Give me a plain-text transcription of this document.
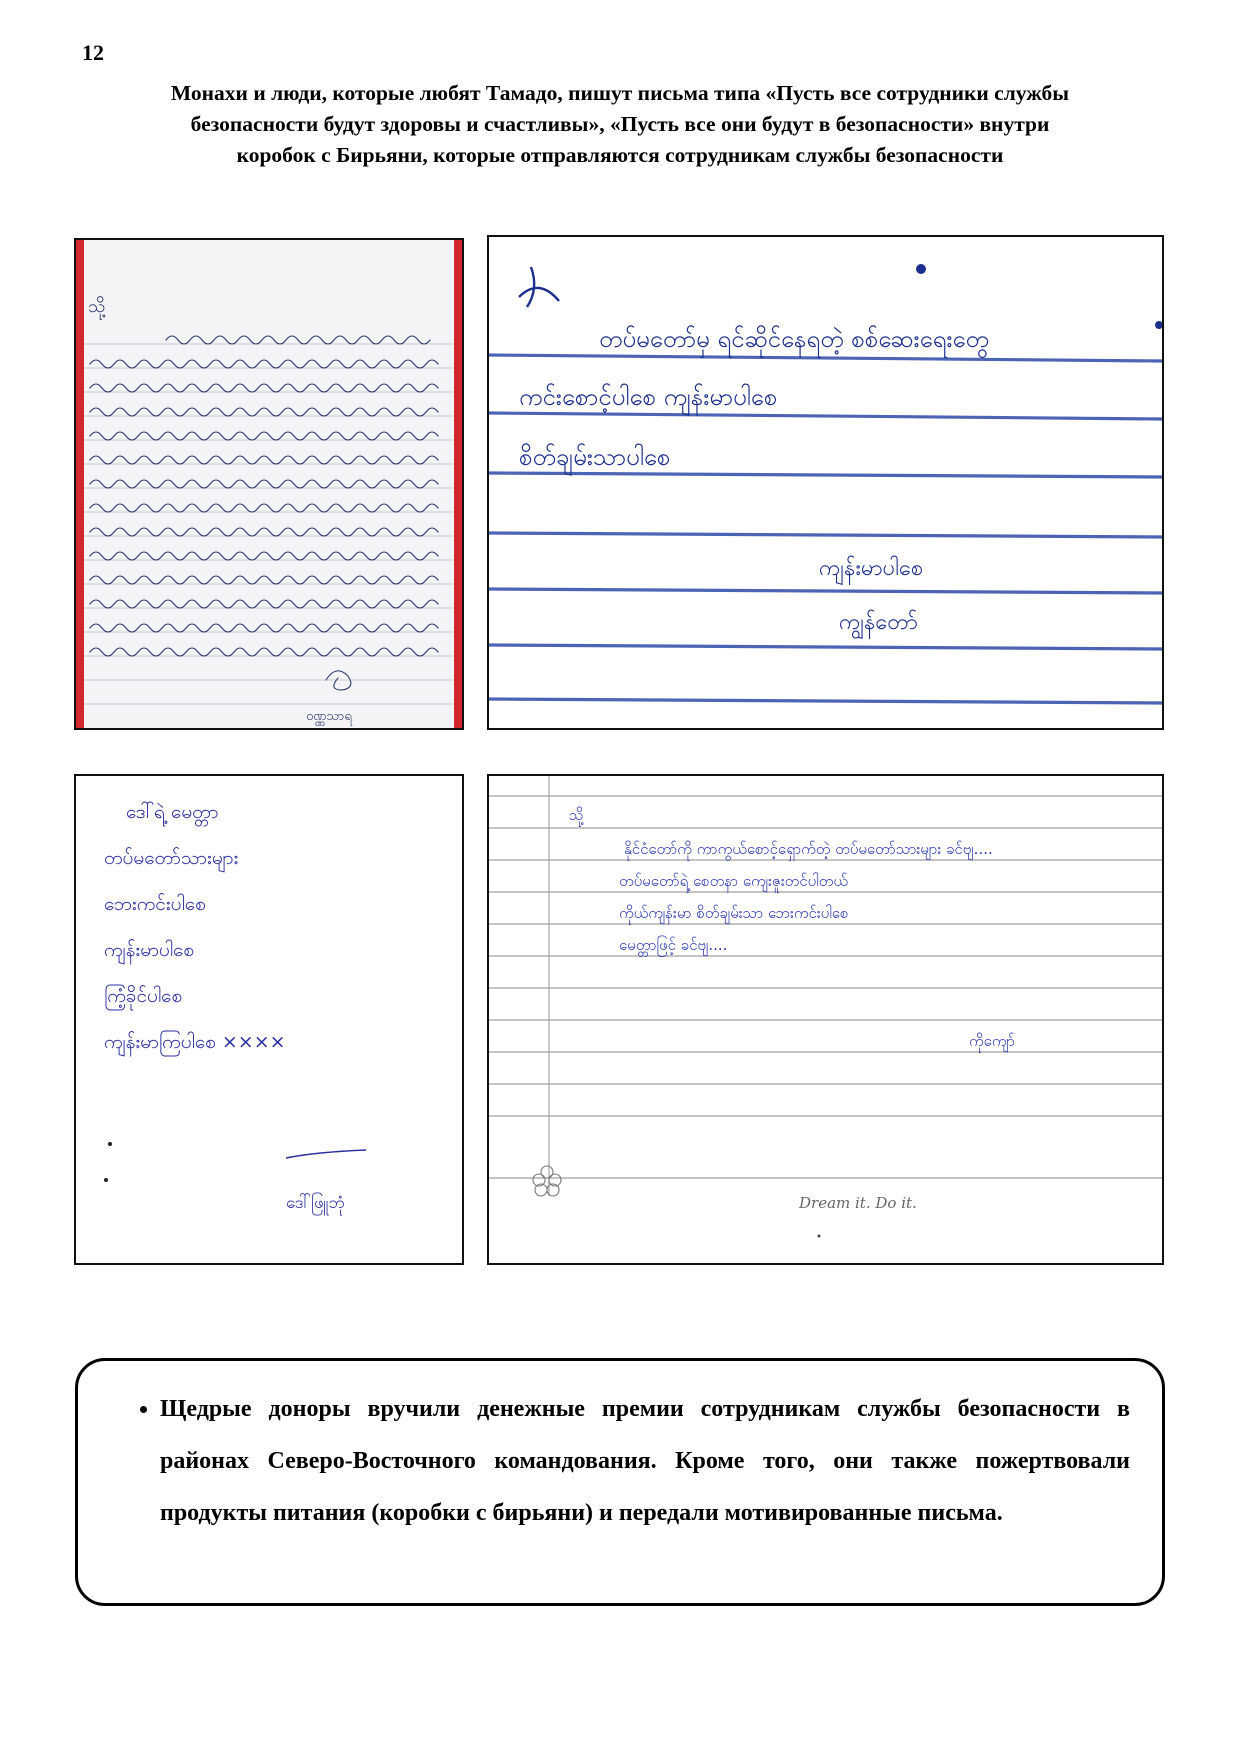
12
Монахи и люди, которые любят Тамадо, пишут письма типа «Пусть все сотрудники службы
безопасности будут здоровы и счастливы», «Пусть все они будут в безопасности» внутри
коробок с Бирьяни, которые отправляются сотрудникам службы безопасности
သို့
ဝဏ္ဏသာရ
တပ်မတော်မှ ရင်ဆိုင်နေရတဲ့ စစ်ဆေးရေးတွေ
ကင်းစောင့်ပါစေ ကျန်းမာပါစေ
စိတ်ချမ်းသာပါစေ
ကျန်းမာပါစေ
ကျွန်တော်
ဒေါ်ရဲ့ မေတ္တာ
တပ်မတော်သားများ
ဘေးကင်းပါစေ
ကျန်းမာပါစေ
ကြံ့ခိုင်ပါစေ
ကျန်းမာကြပါစေ ××××
ဒေါ်ဖြူဘုံ
သို့
နိုင်ငံတော်ကို ကာကွယ်စောင့်ရှောက်တဲ့ တပ်မတော်သားများ ခင်ဗျ....
တပ်မတော်ရဲ့ စေတနာ ကျေးဇူးတင်ပါတယ်
ကိုယ်ကျန်းမာ စိတ်ချမ်းသာ ဘေးကင်းပါစေ
မေတ္တာဖြင့် ခင်ဗျ....
ကိုကျော်
Dream it. Do it.
• Щедрые доноры вручили денежные премии сотрудникам службы безопасности в районах Северо-Восточного командования. Кроме того, они также пожертвовали продукты питания (коробки с бирьяни) и передали мотивированные письма.
